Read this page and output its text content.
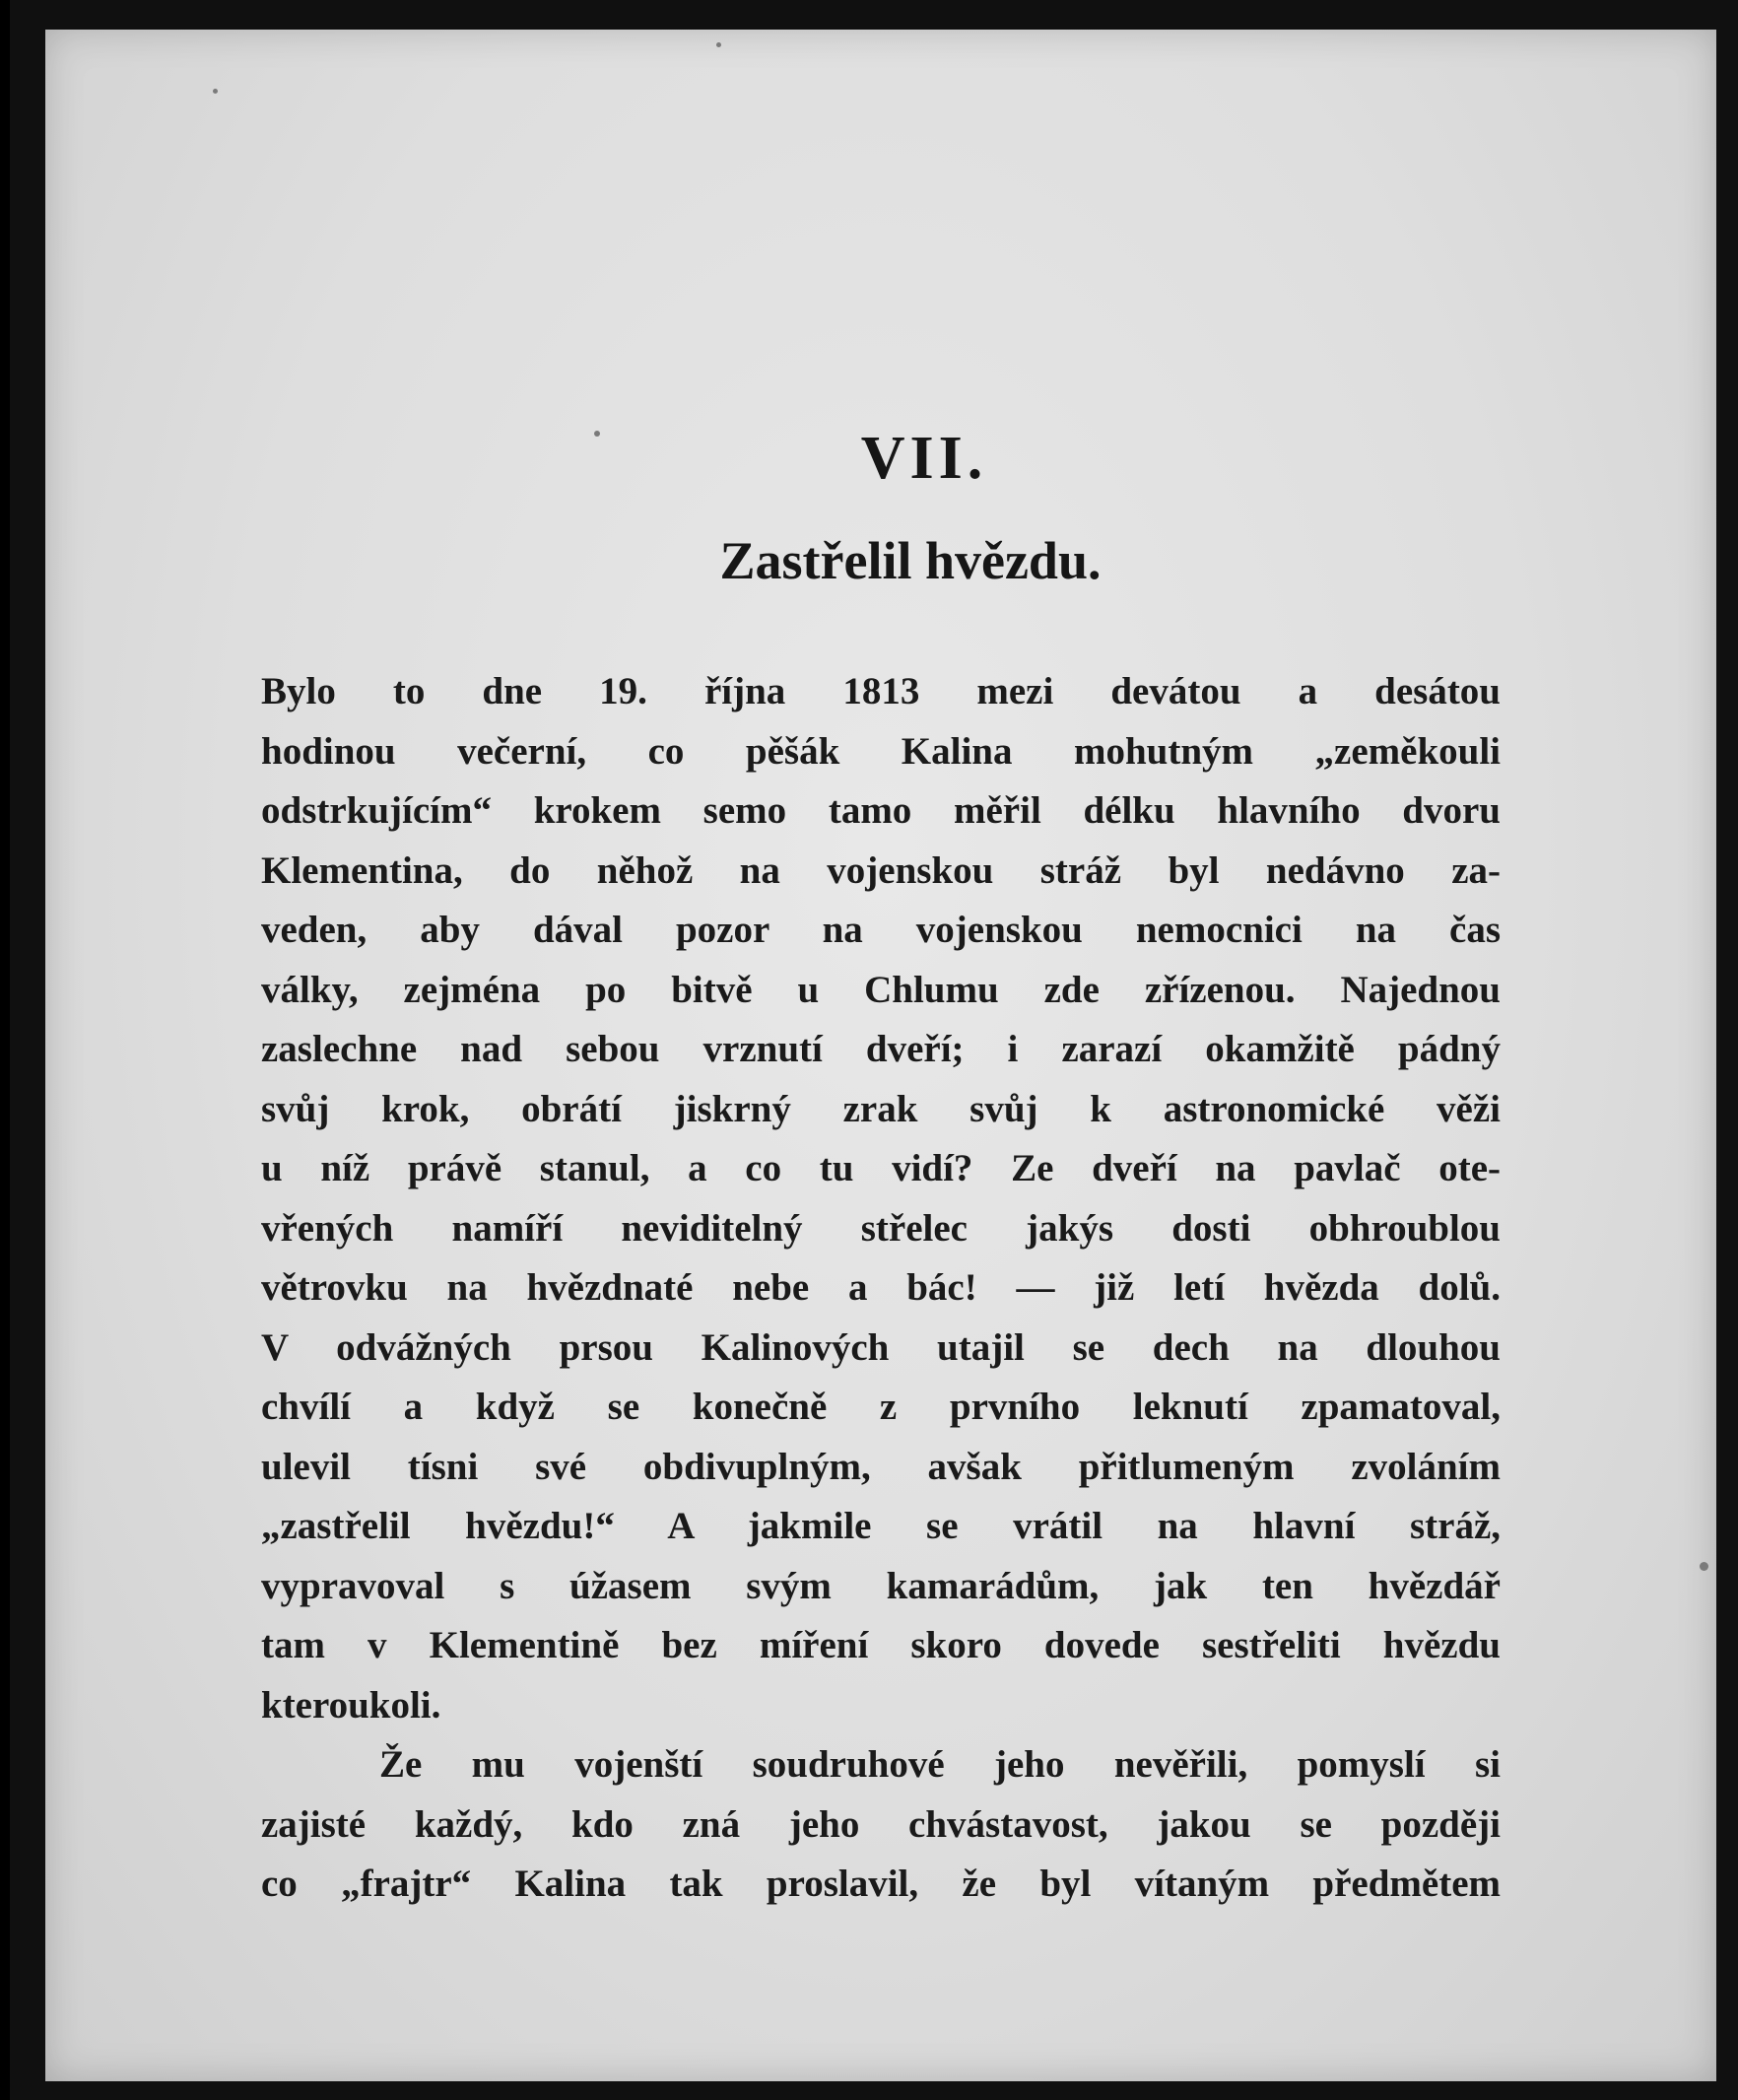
VII.
Zastřelil hvězdu.
Bylo to dne 19. října 1813 mezi devátou a desátou
hodinou večerní, co pěšák Kalina mohutným „zeměkouli
odstrkujícím“ krokem semo tamo měřil délku hlavního dvoru
Klementina, do něhož na vojenskou stráž byl nedávno za-
veden, aby dával pozor na vojenskou nemocnici na čas
války, zejména po bitvě u Chlumu zde zřízenou. Najednou
zaslechne nad sebou vrznutí dveří; i zarazí okamžitě pádný
svůj krok, obrátí jiskrný zrak svůj k astronomické věži
u níž právě stanul, a co tu vidí? Ze dveří na pavlač ote-
vřených namíří neviditelný střelec jakýs dosti obhroublou
větrovku na hvězdnaté nebe a bác! — již letí hvězda dolů.
V odvážných prsou Kalinových utajil se dech na dlouhou
chvílí a když se konečně z prvního leknutí zpamatoval,
ulevil tísni své obdivuplným, avšak přitlumeným zvoláním
„zastřelil hvězdu!“ A jakmile se vrátil na hlavní stráž,
vypravoval s úžasem svým kamarádům, jak ten hvězdář
tam v Klementině bez míření skoro dovede sestřeliti hvězdu
kteroukoli.
Že mu vojenští soudruhové jeho nevěřili, pomyslí si
zajisté každý, kdo zná jeho chvástavost, jakou se později
co „frajtr“ Kalina tak proslavil, že byl vítaným předmětem
